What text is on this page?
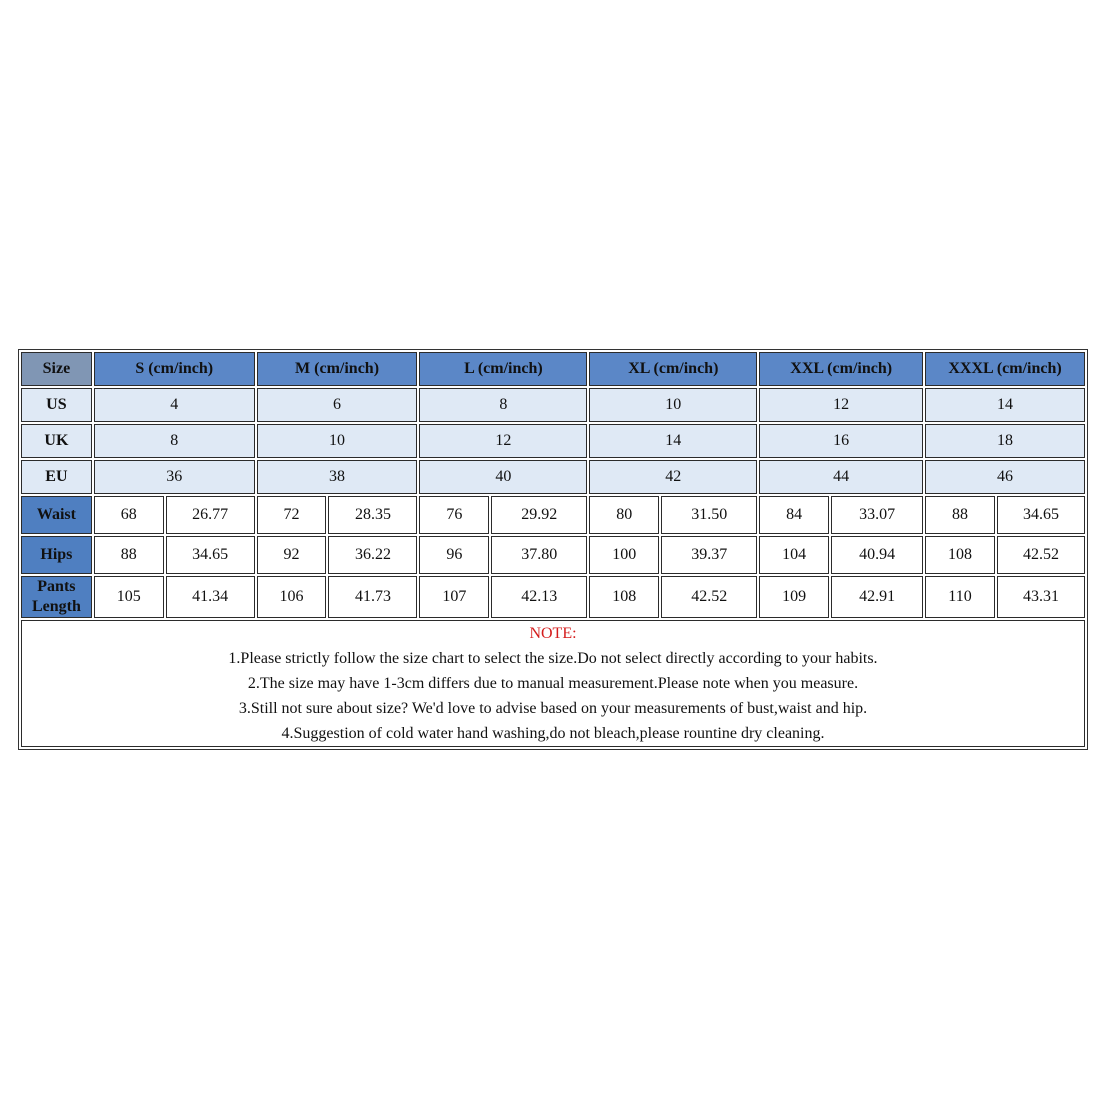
Size	S (cm/inch)		M (cm/inch)		L (cm/inch)		XL (cm/inch)		XXL (cm/inch)		XXXL (cm/inch)	
US	4		6		8		10		12		14	
UK	8		10		12		14		16		18	
EU	36		38		40		42		44		46	
Waist	68	26.77	72	28.35	76	29.92	80	31.50	84	33.07	88	34.65
Hips	88	34.65	92	36.22	96	37.80	100	39.37	104	40.94	108	42.52
Pants Length	105	41.34	106	41.73	107	42.13	108	42.52	109	42.91	110	43.31

NOTE:
1.Please strictly follow the size chart to select the size.Do not select directly according to your habits.
2.The size may have 1-3cm differs due to manual measurement.Please note when you measure.
3.Still not sure about size? We'd love to advise based on your measurements of bust,waist and hip.
4.Suggestion of cold water hand washing,do not bleach,please rountine dry cleaning.												
